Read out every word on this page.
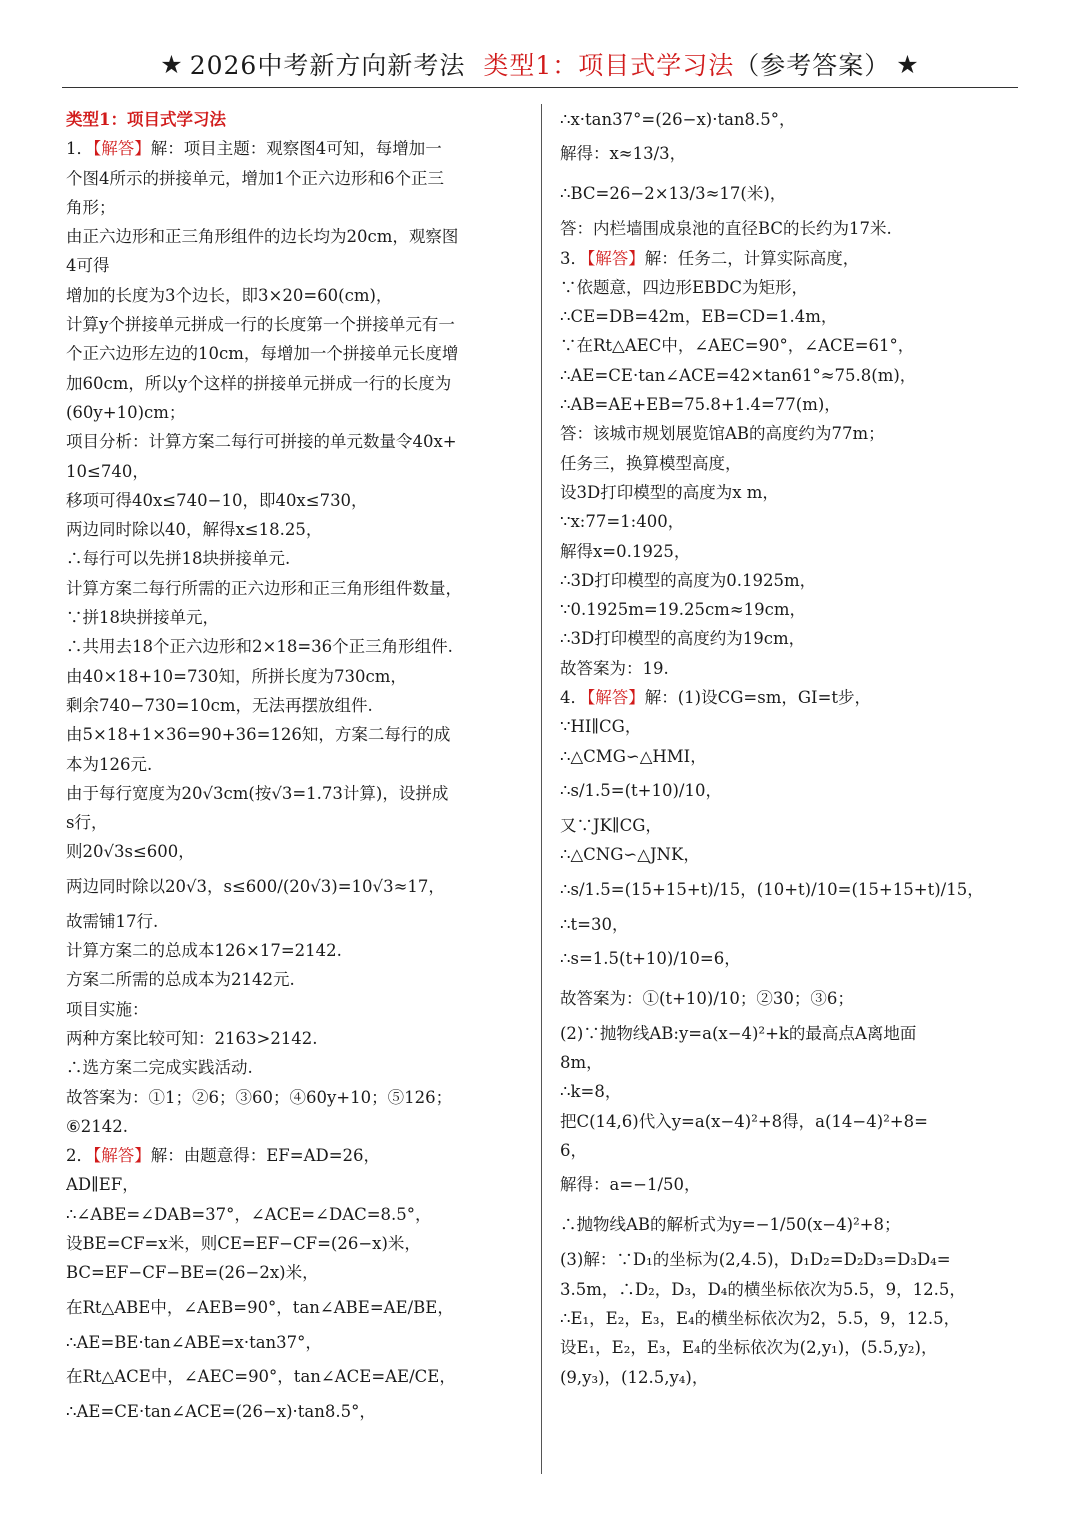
★ 2026中考新方向新考法 类型1：项目式学习法 （参考答案） ★
类型1：项目式学习法
1．【解答】解：项目主题：观察图4可知，每增加一
个图4所示的拼接单元，增加1个正六边形和6个正三
角形；
由正六边形和正三角形组件的边长均为20cm，观察图
4可得
增加的长度为3个边长，即3×20=60(cm)，
计算y个拼接单元拼成一行的长度第一个拼接单元有一
个正六边形左边的10cm，每增加一个拼接单元长度增
加60cm，所以y个这样的拼接单元拼成一行的长度为
(60y+10)cm；
项目分析：计算方案二每行可拼接的单元数量令40x+
10≤740，
移项可得40x≤740−10，即40x≤730，
两边同时除以40，解得x≤18.25，
∴每行可以先拼18块拼接单元.
计算方案二每行所需的正六边形和正三角形组件数量，
∵拼18块拼接单元，
∴共用去18个正六边形和2×18=36个正三角形组件.
由40×18+10=730知，所拼长度为730cm，
剩余740−730=10cm，无法再摆放组件.
由5×18+1×36=90+36=126知，方案二每行的成
本为126元.
由于每行宽度为20√3cm(按√3=1.73计算)，设拼成
s行，
则20√3s≤600，
两边同时除以20√3，s≤600/(20√3)=10√3≈17，
故需铺17行.
计算方案二的总成本126×17=2142.
方案二所需的总成本为2142元.
项目实施：
两种方案比较可知：2163>2142.
∴选方案二完成实践活动.
故答案为：①1；②6；③60；④60y+10；⑤126；
⑥2142.
2．【解答】解：由题意得：EF=AD=26，
AD∥EF，
∴∠ABE=∠DAB=37°，∠ACE=∠DAC=8.5°，
设BE=CF=x米，则CE=EF−CF=(26−x)米，
BC=EF−CF−BE=(26−2x)米，
在Rt△ABE中，∠AEB=90°，tan∠ABE=AE/BE，
∴AE=BE·tan∠ABE=x·tan37°，
在Rt△ACE中，∠AEC=90°，tan∠ACE=AE/CE，
∴AE=CE·tan∠ACE=(26−x)·tan8.5°，
∴x·tan37°=(26−x)·tan8.5°，
解得：x≈13/3，
∴BC=26−2×13/3≈17(米)，
答：内栏墙围成泉池的直径BC的长约为17米.
3．【解答】解：任务二，计算实际高度，
∵依题意，四边形EBDC为矩形，
∴CE=DB=42m，EB=CD=1.4m，
∵在Rt△AEC中，∠AEC=90°，∠ACE=61°，
∴AE=CE·tan∠ACE=42×tan61°≈75.8(m)，
∴AB=AE+EB=75.8+1.4=77(m)，
答：该城市规划展览馆AB的高度约为77m；
任务三，换算模型高度，
设3D打印模型的高度为x m，
∵x:77=1:400，
解得x=0.1925，
∴3D打印模型的高度为0.1925m，
∵0.1925m=19.25cm≈19cm，
∴3D打印模型的高度约为19cm，
故答案为：19.
4．【解答】解：(1)设CG=sm，GI=t步，
∵HI∥CG，
∴△CMG∽△HMI，
∴s/1.5=(t+10)/10，
又∵JK∥CG，
∴△CNG∽△JNK，
∴s/1.5=(15+15+t)/15，(10+t)/10=(15+15+t)/15，
∴t=30，
∴s=1.5(t+10)/10=6，
故答案为：①(t+10)/10；②30；③6；
(2)∵抛物线AB:y=a(x−4)²+k的最高点A离地面
8m，
∴k=8，
把C(14,6)代入y=a(x−4)²+8得，a(14−4)²+8=
6，
解得：a=−1/50，
∴抛物线AB的解析式为y=−1/50(x−4)²+8；
(3)解：∵D₁的坐标为(2,4.5)，D₁D₂=D₂D₃=D₃D₄=
3.5m，∴D₂，D₃，D₄的横坐标依次为5.5，9，12.5，
∴E₁，E₂，E₃，E₄的横坐标依次为2，5.5，9，12.5，
设E₁，E₂，E₃，E₄的坐标依次为(2,y₁)，(5.5,y₂)，
(9,y₃)，(12.5,y₄)，
